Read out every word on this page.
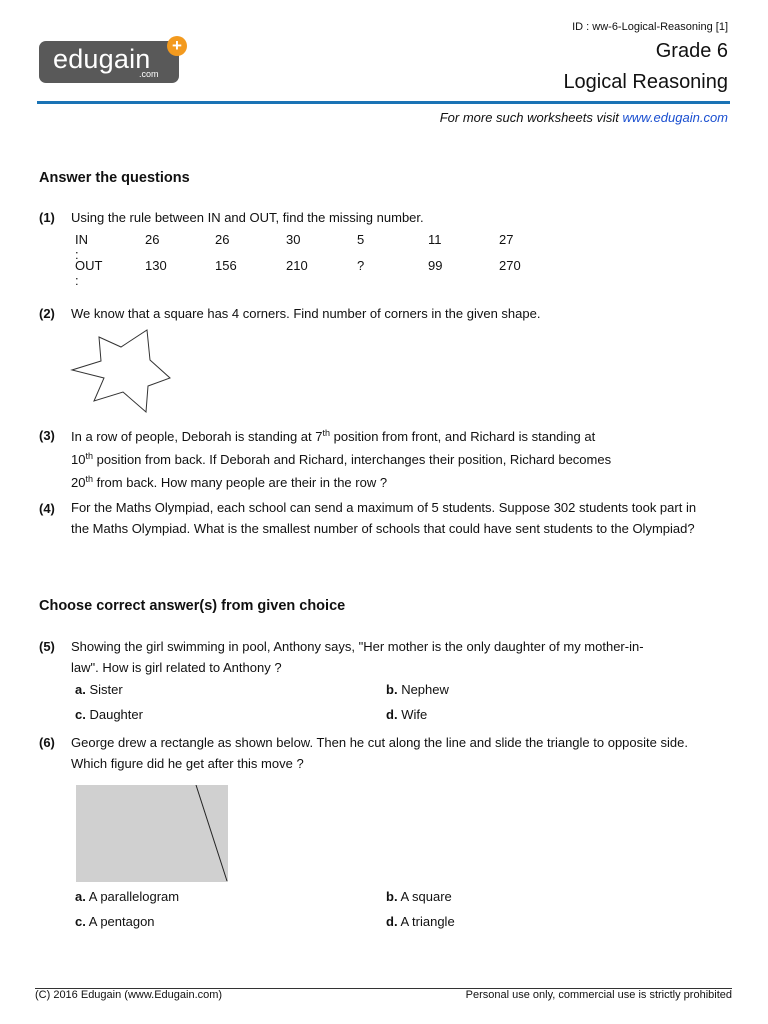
edugain
.com
+
ID : ww-6-Logical-Reasoning [1]
Grade 6
Logical Reasoning
For more such worksheets visit www.edugain.com
Answer the questions
(1) Using the rule between IN and OUT, find the missing number.
IN :
26	26	30	5	11	27
OUT :
130	156	210	?	99	270
(2) We know that a square has 4 corners. Find number of corners in the given shape.
(3) In a row of people, Deborah is standing at 7th position from front, and Richard is standing at
10th position from back. If Deborah and Richard, interchanges their position, Richard becomes
20th from back. How many people are their in the row ?
(4) For the Maths Olympiad, each school can send a maximum of 5 students. Suppose 302 students took part in the Maths Olympiad. What is the smallest number of schools that could have sent students to the Olympiad?
Choose correct answer(s) from given choice
(5) Showing the girl swimming in pool, Anthony says, "Her mother is the only daughter of my mother-in-law". How is girl related to Anthony ?
a. Sister	b. Nephew
c. Daughter	d. Wife
(6) George drew a rectangle as shown below. Then he cut along the line and slide the triangle to opposite side. Which figure did he get after this move ?
a. A parallelogram	b. A square
c. A pentagon	d. A triangle
(C) 2016 Edugain (www.Edugain.com)	Personal use only, commercial use is strictly prohibited
